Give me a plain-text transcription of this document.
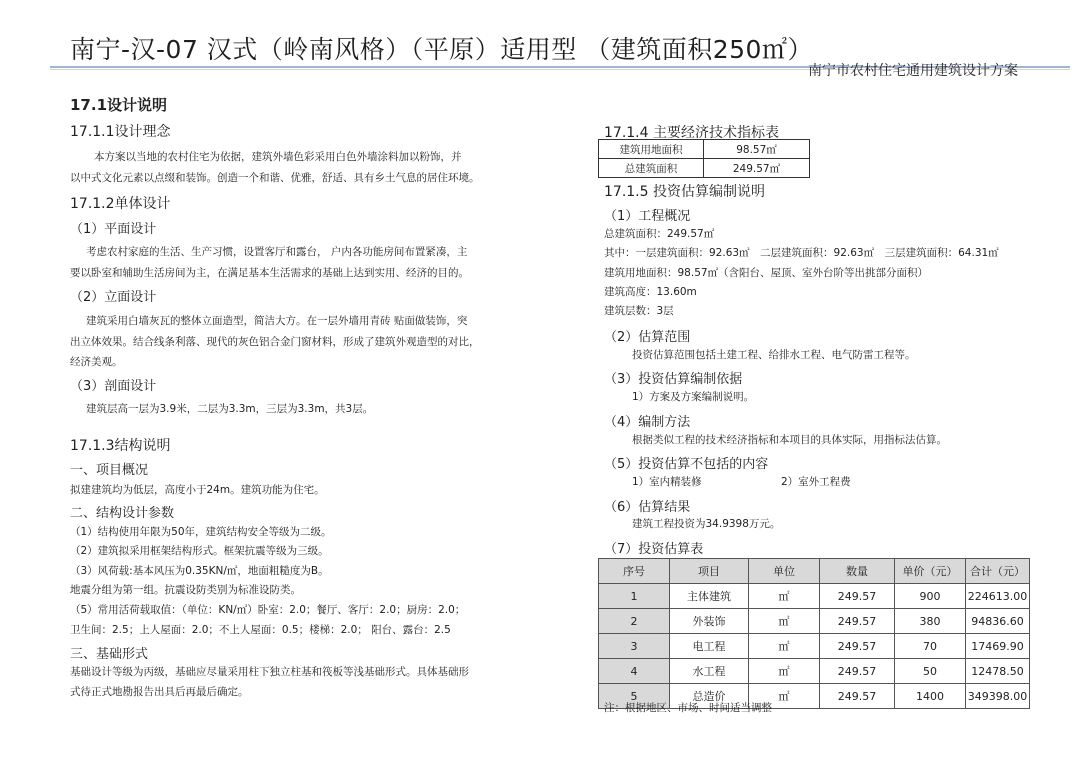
南宁-汉-07 汉式（岭南风格）（平原）适用型 （建筑面积250㎡）
南宁市农村住宅通用建筑设计方案
17.1设计说明
17.1.1设计理念
本方案以当地的农村住宅为依据，建筑外墙色彩采用白色外墙涂料加以粉饰，并
以中式文化元素以点缀和装饰。创造一个和谐、优雅，舒适、具有乡土气息的居住环境。
17.1.2单体设计
（1）平面设计
考虑农村家庭的生活、生产习惯，设置客厅和露台， 户内各功能房间布置紧凑，主
要以卧室和辅助生活房间为主，在满足基本生活需求的基础上达到实用、经济的目的。
（2）立面设计
建筑采用白墙灰瓦的整体立面造型，简洁大方。在一层外墙用青砖 贴面做装饰，突
出立体效果。结合线条利落、现代的灰色铝合金门窗材料，形成了建筑外观造型的对比，
经济美观。
（3）剖面设计
建筑层高一层为3.9米，二层为3.3m，三层为3.3m，共3层。
17.1.3结构说明
一、项目概况
拟建建筑均为低层，高度小于24m。建筑功能为住宅。
二、结构设计参数
（1）结构使用年限为50年，建筑结构安全等级为二级。
（2）建筑拟采用框架结构形式。框架抗震等级为三级。
（3）风荷载:基本风压为0.35KN/㎡，地面粗糙度为B。
地震分组为第一组。抗震设防类别为标准设防类。
（5）常用活荷载取值：（单位：KN/㎡）卧室：2.0；餐厅、客厅：2.0；厨房：2.0；
卫生间：2.5；上人屋面：2.0；不上人屋面：0.5；楼梯：2.0； 阳台、露台：2.5
三、基础形式
基础设计等级为丙级，基础应尽量采用柱下独立柱基和筏板等浅基础形式。具体基础形
式待正式地勘报告出具后再最后确定。
17.1.4 主要经济技术指标表
建筑用地面积	98.57㎡
总建筑面积	249.57㎡
17.1.5 投资估算编制说明
（1）工程概况
总建筑面积：249.57㎡
其中：一层建筑面积：92.63㎡　二层建筑面积：92.63㎡　三层建筑面积：64.31㎡
建筑用地面积：98.57㎡（含阳台、屋顶、室外台阶等出挑部分面积）
建筑高度：13.60m
建筑层数：3层
（2）估算范围
投资估算范围包括土建工程、给排水工程、电气防雷工程等。
（3）投资估算编制依据
1）方案及方案编制说明。
（4）编制方法
根据类似工程的技术经济指标和本项目的具体实际，用指标法估算。
（5）投资估算不包括的内容
1）室内精装修	2）室外工程费
（6）估算结果
建筑工程投资为34.9398万元。
（7）投资估算表
序号	项目	单位	数量	单价（元）	合计（元）
1	主体建筑	㎡	249.57	900	224613.00
2	外装饰	㎡	249.57	380	94836.60
3	电工程	㎡	249.57	70	17469.90
4	水工程	㎡	249.57	50	12478.50
5	总造价	㎡	249.57	1400	349398.00
注：根据地区、市场、时间适当调整
